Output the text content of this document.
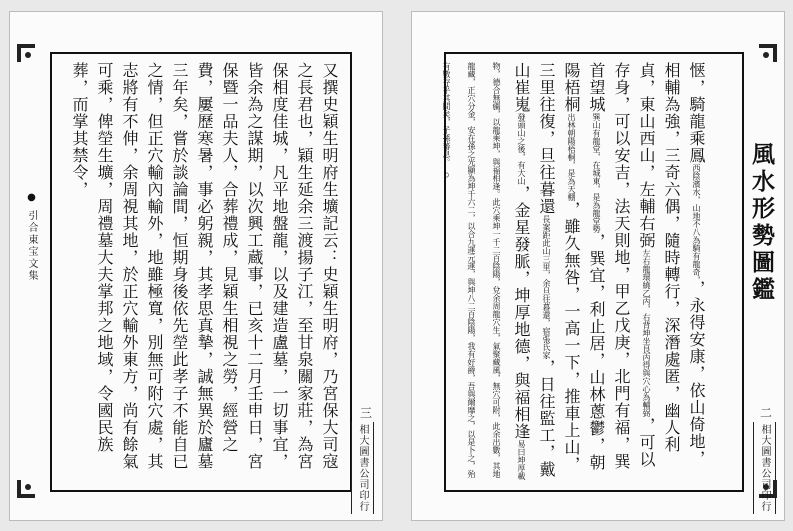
● 引合東宝文集	又撰史穎生明府生壙記云：史穎生明府，乃宮保大司寇之長君也，穎生延余三渡揚子江，至甘泉關家莊，為宮保相度佳城，凡平地盤龍，以及建造盧墓，一切事宜，皆余為之謀期，以次興工蔵事，已亥十二月壬申日，宮保暨一品夫人，合葬禮成，見穎生相視之勞，經營之費，屢歷寒暑，事必躬親，其孝思真摯，誠無異於廬墓三年矣，嘗於談論間，恒期身後依先塋此孝子不能自已之情，但正穴輸內輸外，地雖極寬，別無可附穴處，其志將有不伸，余周視其地，於正穴輸外東方，尚有餘氣可乘，俾塋生壙，周禮墓大夫掌邦之地域，令國民族葬，而掌其禁令，
三
相大圖書公司印行

惬，騎龍乘鳳西陰濱水，山地不八為騎有龍奇，，永得安康，依山倚地，相輔為強，三奇六偶，隨時轉行，深潛處匿，幽人利貞，東山西山，左輔右弼左右龍環繞乙丙，右背坤坐艮丙得與穴心為輔弼，可以存身，可以安吉，法天則地，甲乙戊庚，北門有福，巽首望城巽山有龍堂，在城東，是為龍堂勢，巽宜，利止居，山林蔥鬱，朝陽梧桐出林朝陽梧桐，是為天棚，雖久無咎，一高一下，推車上山，三里往復，旦往暮還長案距此山三里，余旦往暮還，宿張氏家，日往監工，戴山崔嵬發頭山之後，有大山，金星發脈，坤厚地德，與福相逢易曰坤厚載物，德合無疆，以龍乘坤，與福相逢。此穴乘坤一千二百陰陽，兌余周龍穴生，氣聚藏風，無穴可附，此余出數，其地龍藏，正穴分金，安在孫之光顯為坤千六二，以合九運元運，與坤八二百陰陽，我有好爵，吾與爾靡之，以是卜之，殆有數存乎其間矣，子孫蕃息。◦	風水形勢圖鑑
二
相大圖書公司印行
